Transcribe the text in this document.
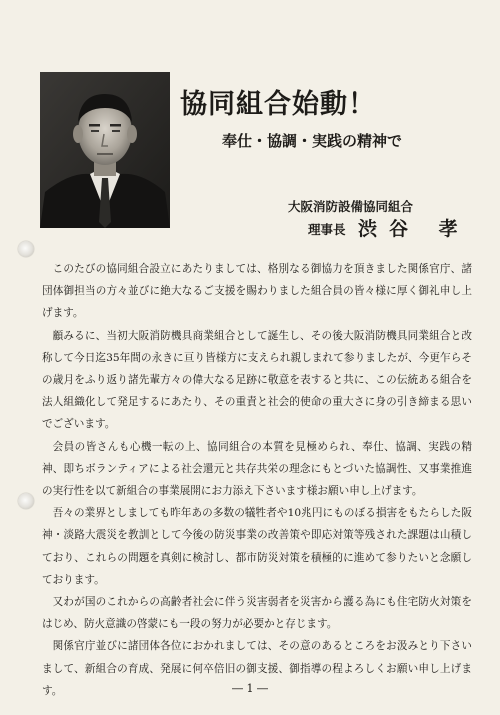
協同組合始動！
奉仕・協調・実践の精神で
大阪消防設備協同組合
理事長 渋谷 孝

このたびの協同組合設立にあたりましては、格別なる御協力を頂きました関係官庁、諸団体御担当の方々並びに絶大なるご支援を賜わりました組合員の皆々様に厚く御礼申し上げます。

顧みるに、当初大阪消防機具商業組合として誕生し、その後大阪消防機具同業組合と改称して今日迄35年間の永きに亘り皆様方に支えられ親しまれて参りましたが、今更乍らその歳月をふり返り諸先輩方々の偉大なる足跡に敬意を表すると共に、この伝統ある組合を法人組織化して発足するにあたり、その重責と社会的使命の重大さに身の引き締まる思いでございます。

会員の皆さんも心機一転の上、協同組合の本質を見極められ、奉仕、協調、実践の精神、即ちボランティアによる社会還元と共存共栄の理念にもとづいた協調性、又事業推進の実行性を以て新組合の事業展開にお力添え下さいます様お願い申し上げます。

吾々の業界としましても昨年あの多数の犠牲者や10兆円にものぼる損害をもたらした阪神・淡路大震災を教訓として今後の防災事業の改善策や即応対策等残された課題は山積しており、これらの問題を真剣に検討し、都市防災対策を積極的に進めて参りたいと念願しております。

又わが国のこれからの高齢者社会に伴う災害弱者を災害から護る為にも住宅防火対策をはじめ、防火意識の啓蒙にも一段の努力が必要かと存じます。

関係官庁並びに諸団体各位におかれましては、その意のあるところをお汲みとり下さいまして、新組合の育成、発展に何卒倍旧の御支援、御指導の程よろしくお願い申し上げます。	― 1 ―
